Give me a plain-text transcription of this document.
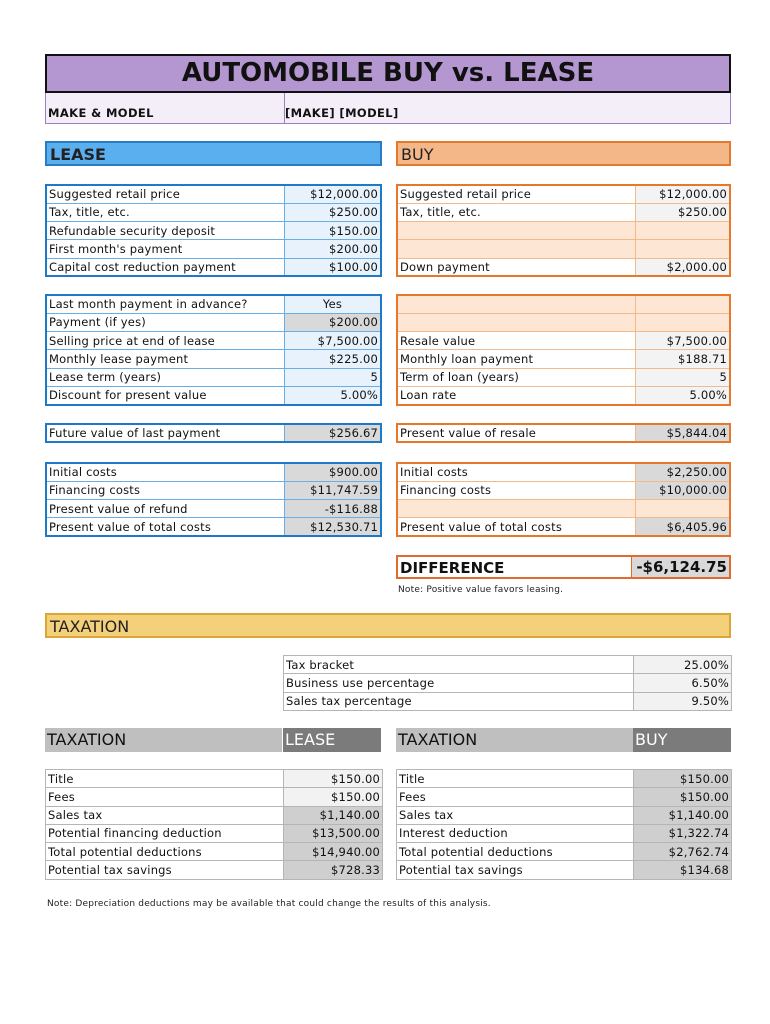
AUTOMOBILE BUY vs. LEASE
MAKE & MODEL	[MAKE] [MODEL]
LEASE	BUY
Suggested retail price	$12,000.00
Tax, title, etc.	$250.00
Refundable security deposit	$150.00
First month's payment	$200.00
Capital cost reduction payment	$100.00
Last month payment in advance?	Yes
Payment (if yes)	$200.00
Selling price at end of lease	$7,500.00
Monthly lease payment	$225.00
Lease term (years)	5
Discount for present value	5.00%
Future value of last payment	$256.67
Initial costs	$900.00
Financing costs	$11,747.59
Present value of refund	-$116.88
Present value of total costs	$12,530.71
Suggested retail price	$12,000.00
Tax, title, etc.	$250.00

Down payment	$2,000.00

Resale value	$7,500.00
Monthly loan payment	$188.71
Term of loan (years)	5
Loan rate	5.00%
Present value of resale	$5,844.04
Initial costs	$2,250.00
Financing costs	$10,000.00

Present value of total costs	$6,405.96
DIFFERENCE	-$6,124.75
Note: Positive value favors leasing.
TAXATION
Tax bracket	25.00%
Business use percentage	6.50%
Sales tax percentage	9.50%
TAXATION	LEASE	TAXATION	BUY
Title	$150.00
Fees	$150.00
Sales tax	$1,140.00
Potential financing deduction	$13,500.00
Total potential deductions	$14,940.00
Potential tax savings	$728.33
Title	$150.00
Fees	$150.00
Sales tax	$1,140.00
Interest deduction	$1,322.74
Total potential deductions	$2,762.74
Potential tax savings	$134.68
Note: Depreciation deductions may be available that could change the results of this analysis.
